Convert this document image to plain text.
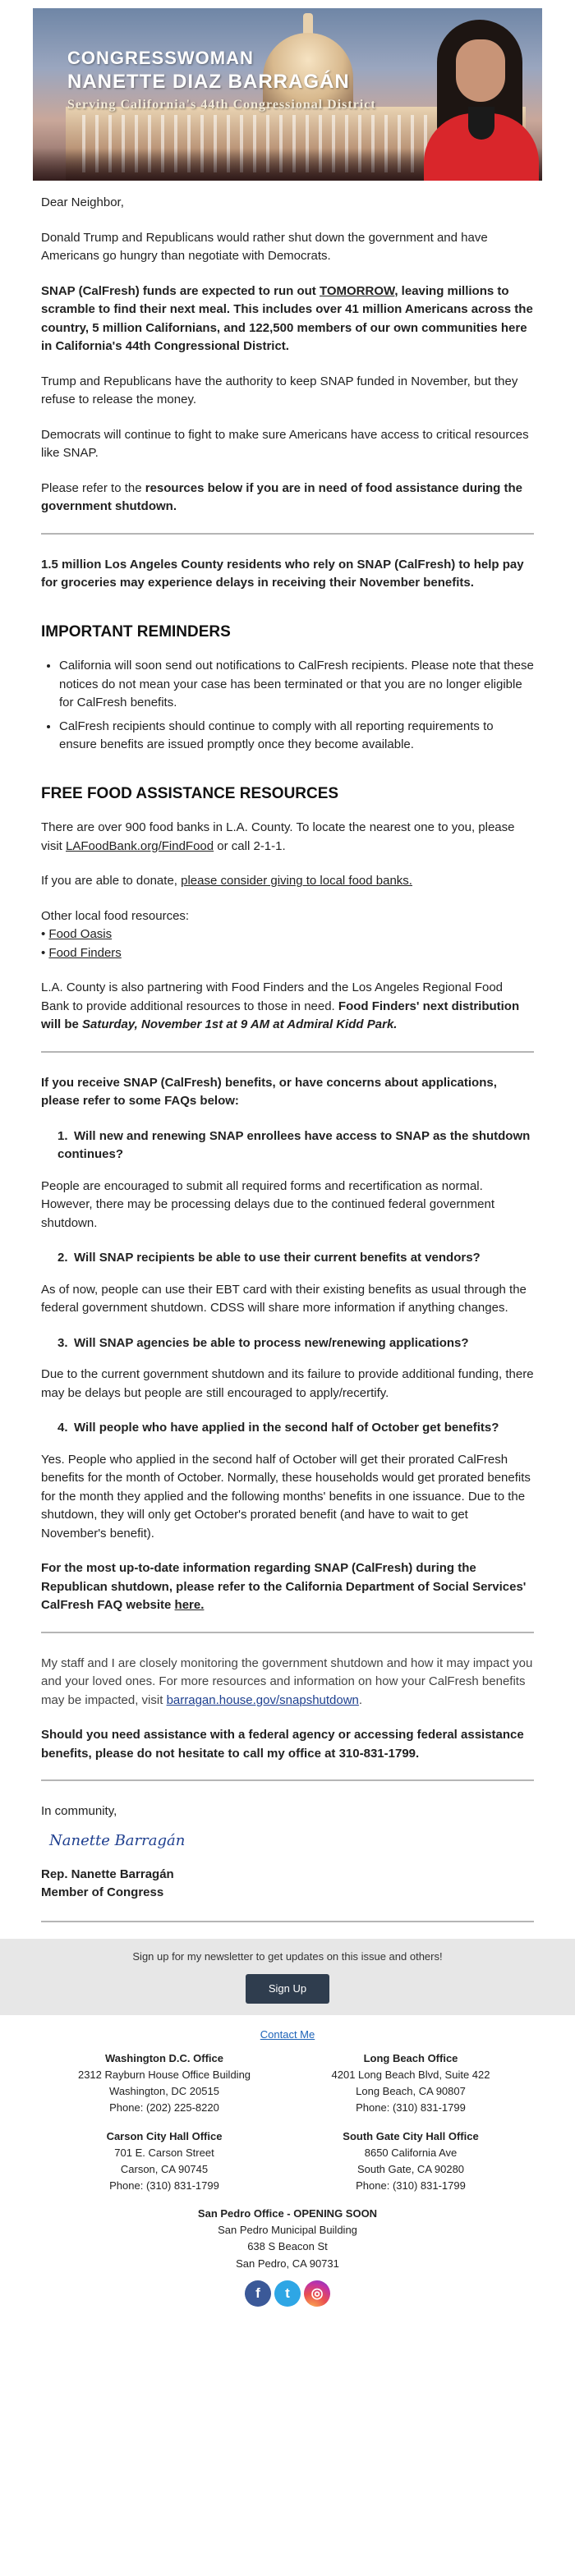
CONGRESSWOMAN
NANETTE DIAZ BARRAGÁN
Serving California's 44th Congressional District

Dear Neighbor,

Donald Trump and Republicans would rather shut down the government and have Americans go hungry than negotiate with Democrats.

SNAP (CalFresh) funds are expected to run out TOMORROW, leaving millions to scramble to find their next meal. This includes over 41 million Americans across the country, 5 million Californians, and 122,500 members of our own communities here in California's 44th Congressional District.

Trump and Republicans have the authority to keep SNAP funded in November, but they refuse to release the money.

Democrats will continue to fight to make sure Americans have access to critical resources like SNAP.

Please refer to the resources below if you are in need of food assistance during the government shutdown.

1.5 million Los Angeles County residents who rely on SNAP (CalFresh) to help pay for groceries may experience delays in receiving their November benefits.

IMPORTANT REMINDERS
• California will soon send out notifications to CalFresh recipients. Please note that these notices do not mean your case has been terminated or that you are no longer eligible for CalFresh benefits.
• CalFresh recipients should continue to comply with all reporting requirements to ensure benefits are issued promptly once they become available.
FREE FOOD ASSISTANCE RESOURCES

There are over 900 food banks in L.A. County. To locate the nearest one to you, please visit LAFoodBank.org/FindFood or call 2-1-1.

If you are able to donate, please consider giving to local food banks.

Other local food resources:

• Food Oasis
• Food Finders

L.A. County is also partnering with Food Finders and the Los Angeles Regional Food Bank to provide additional resources to those in need. Food Finders' next distribution will be Saturday, November 1st at 9 AM at Admiral Kidd Park.

If you receive SNAP (CalFresh) benefits, or have concerns about applications, please refer to some FAQs below:

1. Will new and renewing SNAP enrollees have access to SNAP as the shutdown continues?

People are encouraged to submit all required forms and recertification as normal. However, there may be processing delays due to the continued federal government shutdown.

2. Will SNAP recipients be able to use their current benefits at vendors?

As of now, people can use their EBT card with their existing benefits as usual through the federal government shutdown. CDSS will share more information if anything changes.

3. Will SNAP agencies be able to process new/renewing applications?

Due to the current government shutdown and its failure to provide additional funding, there may be delays but people are still encouraged to apply/recertify.

4. Will people who have applied in the second half of October get benefits?

Yes. People who applied in the second half of October will get their prorated CalFresh benefits for the month of October. Normally, these households would get prorated benefits for the month they applied and the following months' benefits in one issuance. Due to the shutdown, they will only get October's prorated benefit (and have to wait to get November's benefit).

For the most up-to-date information regarding SNAP (CalFresh) during the Republican shutdown, please refer to the California Department of Social Services' CalFresh FAQ website here.

My staff and I are closely monitoring the government shutdown and how it may impact you and your loved ones. For more resources and information on how your CalFresh benefits may be impacted, visit barragan.house.gov/snapshutdown.

Should you need assistance with a federal agency or accessing federal assistance benefits, please do not hesitate to call my office at 310-831-1799.

In community,

Nanette Barragán
Rep. Nanette Barragán
Member of Congress
Sign up for my newsletter to get updates on this issue and others!
Sign Up
Contact Me
Washington D.C. Office
2312 Rayburn House Office Building
Washington, DC 20515
Phone: (202) 225-8220
Long Beach Office
4201 Long Beach Blvd, Suite 422
Long Beach, CA 90807
Phone: (310) 831-1799
Carson City Hall Office
701 E. Carson Street
Carson, CA 90745
Phone: (310) 831-1799
South Gate City Hall Office
8650 California Ave
South Gate, CA 90280
Phone: (310) 831-1799
San Pedro Office - OPENING SOON
San Pedro Municipal Building
638 S Beacon St
San Pedro, CA 90731
f	t	◎
